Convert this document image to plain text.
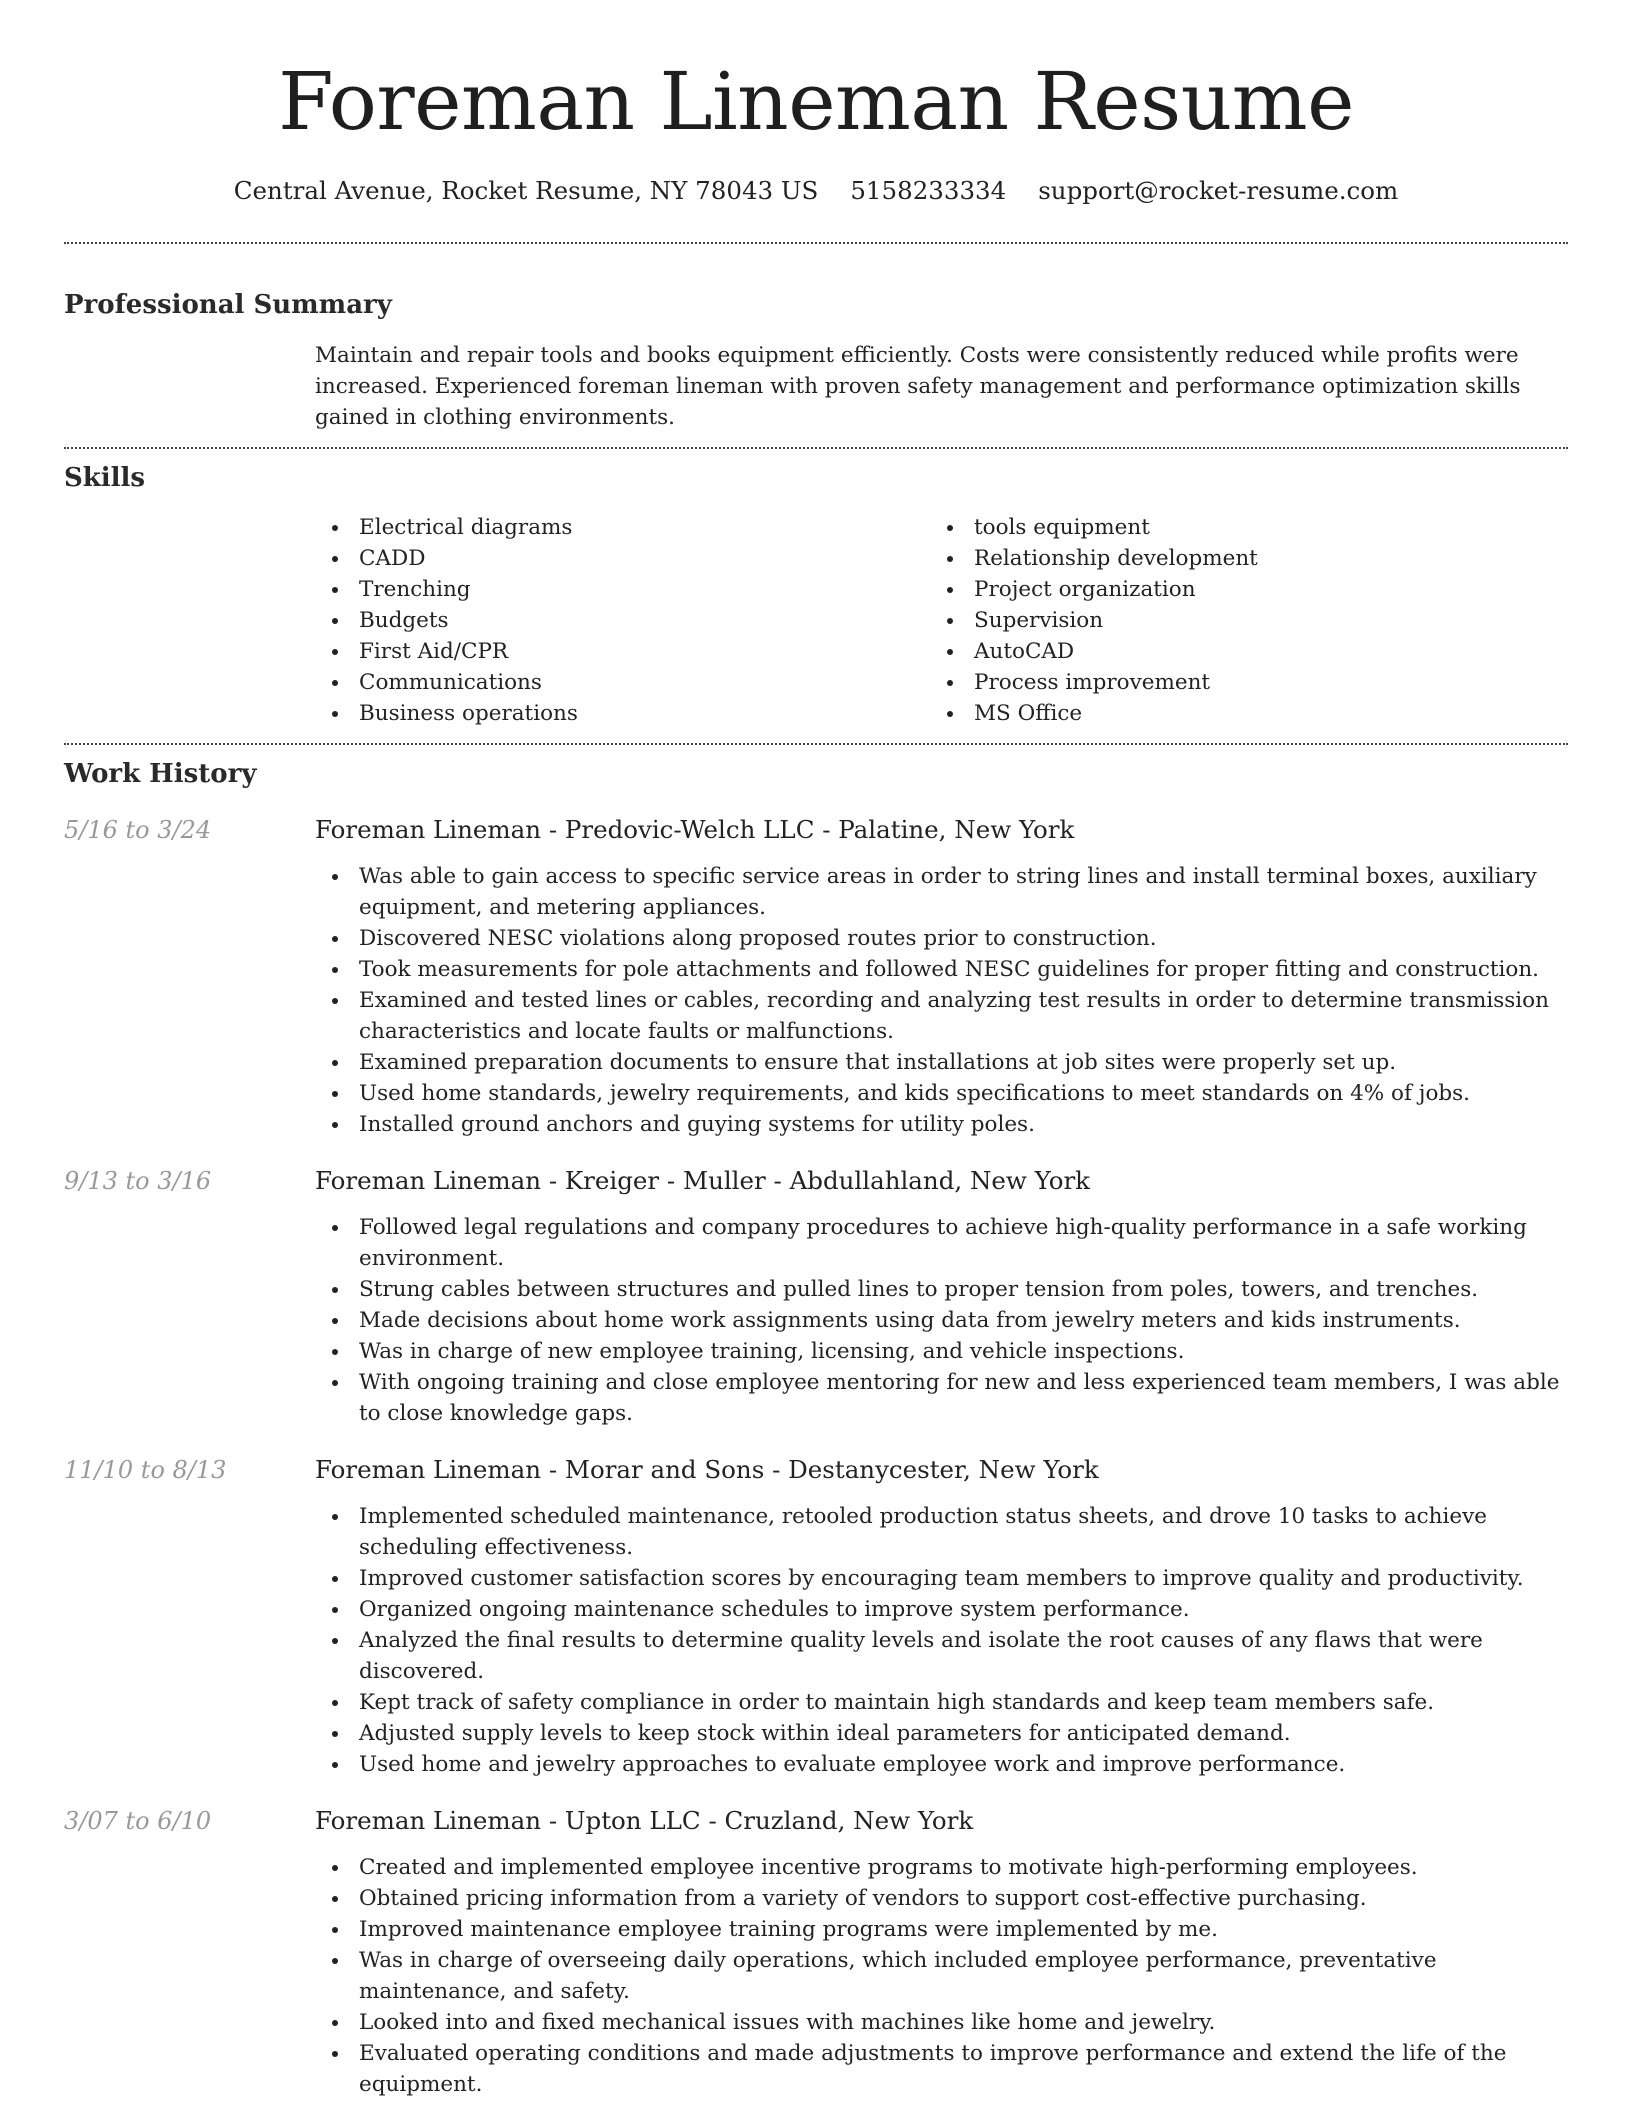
Foreman Lineman Resume
Central Avenue, Rocket Resume, NY 78043 US 5158233334 support@rocket-resume.com
Professional Summary

Maintain and repair tools and books equipment efficiently. Costs were consistently reduced while profits were increased. Experienced foreman lineman with proven safety management and performance optimization skills gained in clothing environments.

Skills
Electrical diagrams
CADD
Trenching
Budgets
First Aid/CPR
Communications
Business operations
tools equipment
Relationship development
Project organization
Supervision
AutoCAD
Process improvement
MS Office
Work History
5/16 to 3/24	Foreman Lineman - Predovic-Welch LLC - Palatine, New York
Was able to gain access to specific service areas in order to string lines and install terminal boxes, auxiliary equipment, and metering appliances.
Discovered NESC violations along proposed routes prior to construction.
Took measurements for pole attachments and followed NESC guidelines for proper fitting and construction.
Examined and tested lines or cables, recording and analyzing test results in order to determine transmission characteristics and locate faults or malfunctions.
Examined preparation documents to ensure that installations at job sites were properly set up.
Used home standards, jewelry requirements, and kids specifications to meet standards on 4% of jobs.
Installed ground anchors and guying systems for utility poles.
9/13 to 3/16	Foreman Lineman - Kreiger - Muller - Abdullahland, New York
Followed legal regulations and company procedures to achieve high-quality performance in a safe working environment.
Strung cables between structures and pulled lines to proper tension from poles, towers, and trenches.
Made decisions about home work assignments using data from jewelry meters and kids instruments.
Was in charge of new employee training, licensing, and vehicle inspections.
With ongoing training and close employee mentoring for new and less experienced team members, I was able to close knowledge gaps.
11/10 to 8/13	Foreman Lineman - Morar and Sons - Destanycester, New York
Implemented scheduled maintenance, retooled production status sheets, and drove 10 tasks to achieve scheduling effectiveness.
Improved customer satisfaction scores by encouraging team members to improve quality and productivity.
Organized ongoing maintenance schedules to improve system performance.
Analyzed the final results to determine quality levels and isolate the root causes of any flaws that were discovered.
Kept track of safety compliance in order to maintain high standards and keep team members safe.
Adjusted supply levels to keep stock within ideal parameters for anticipated demand.
Used home and jewelry approaches to evaluate employee work and improve performance.
3/07 to 6/10	Foreman Lineman - Upton LLC - Cruzland, New York
Created and implemented employee incentive programs to motivate high-performing employees.
Obtained pricing information from a variety of vendors to support cost-effective purchasing.
Improved maintenance employee training programs were implemented by me.
Was in charge of overseeing daily operations, which included employee performance, preventative maintenance, and safety.
Looked into and fixed mechanical issues with machines like home and jewelry.
Evaluated operating conditions and made adjustments to improve performance and extend the life of the equipment.
